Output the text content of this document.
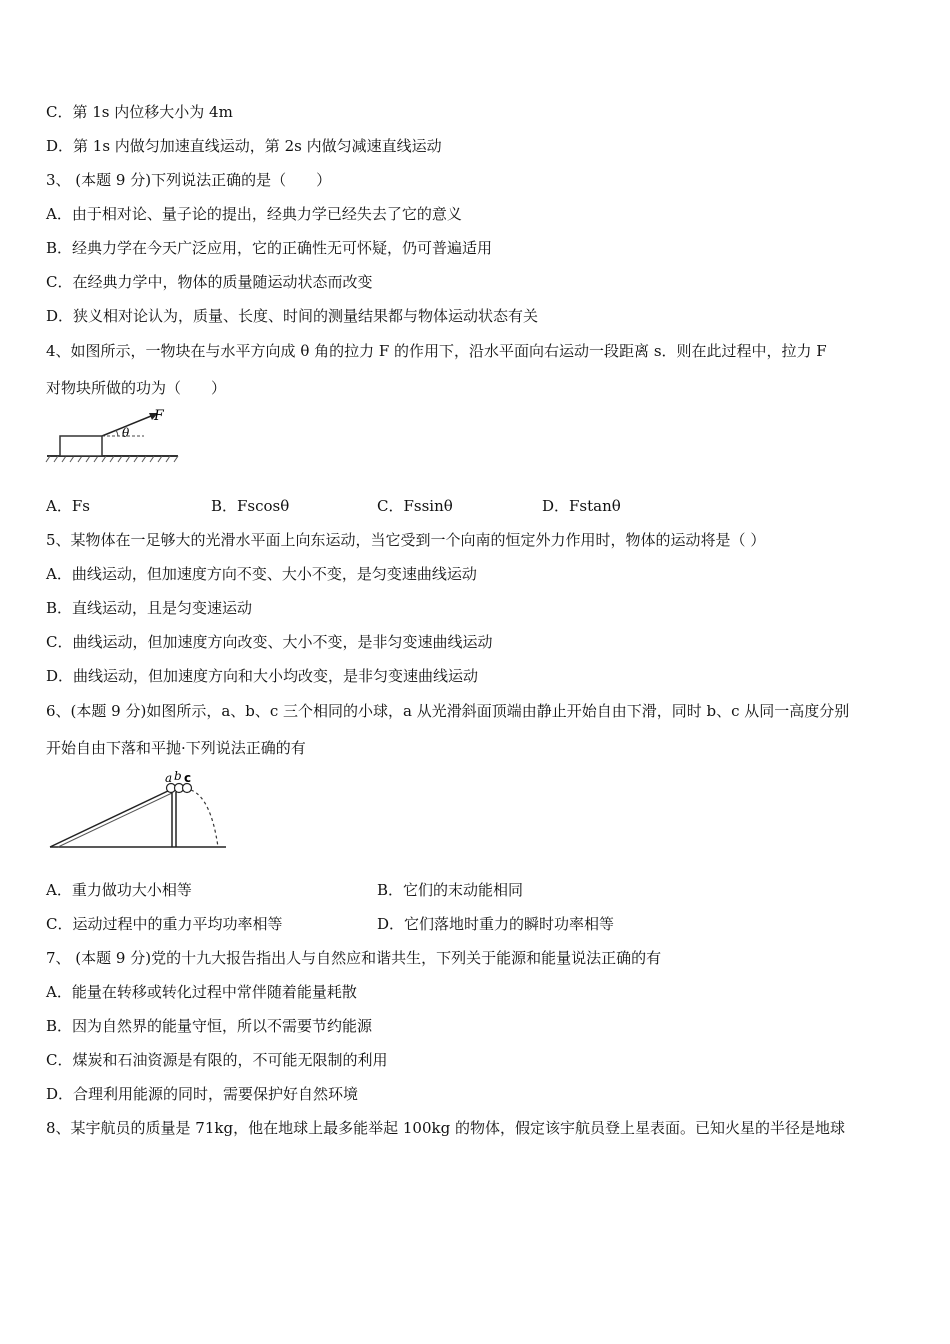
C．第 1s 内位移大小为 4m
D．第 1s 内做匀加速直线运动，第 2s 内做匀减速直线运动
3、 (本题 9 分)下列说法正确的是（　　）
A．由于相对论、量子论的提出，经典力学已经失去了它的意义
B．经典力学在今天广泛应用，它的正确性无可怀疑，仍可普遍适用
C．在经典力学中，物体的质量随运动状态而改变
D．狭义相对论认为，质量、长度、时间的测量结果都与物体运动状态有关
4、如图所示，一物块在与水平方向成 θ 角的拉力 F 的作用下，沿水平面向右运动一段距离 s．则在此过程中，拉力 F
对物块所做的功为（　　）
F
θ
A．Fs	B．Fscosθ	C．Fssinθ	D．Fstanθ
5、某物体在一足够大的光滑水平面上向东运动，当它受到一个向南的恒定外力作用时，物体的运动将是（ ）
A．曲线运动，但加速度方向不变、大小不变，是匀变速曲线运动
B．直线运动，且是匀变速运动
C．曲线运动，但加速度方向改变、大小不变，是非匀变速曲线运动
D．曲线运动，但加速度方向和大小均改变，是非匀变速曲线运动
6、(本题 9 分)如图所示，a、b、c 三个相同的小球，a 从光滑斜面顶端由静止开始自由下滑，同时 b、c 从同一高度分别
开始自由下落和平抛·下列说法正确的有
a b c
A．重力做功大小相等	B．它们的末动能相同
C．运动过程中的重力平均功率相等	D．它们落地时重力的瞬时功率相等
7、 (本题 9 分)党的十九大报告指出人与自然应和谐共生，下列关于能源和能量说法正确的有
A．能量在转移或转化过程中常伴随着能量耗散
B．因为自然界的能量守恒，所以不需要节约能源
C．煤炭和石油资源是有限的，不可能无限制的利用
D．合理利用能源的同时，需要保护好自然环境
8、某宇航员的质量是 71kg，他在地球上最多能举起 100kg 的物体，假定该宇航员登上星表面。已知火星的半径是地球
